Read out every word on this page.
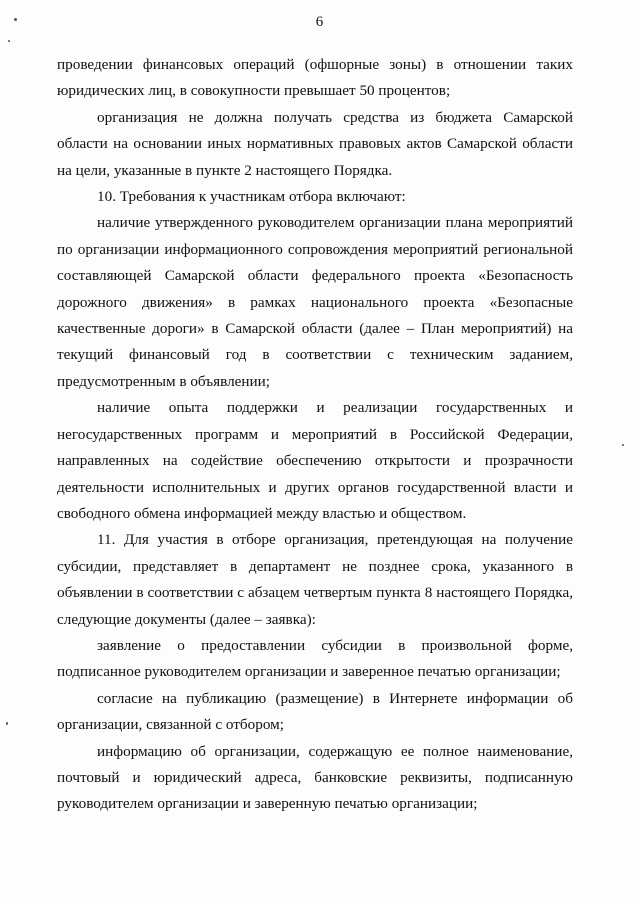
6

проведении финансовых операций (офшорные зоны) в отношении таких юридических лиц, в совокупности превышает 50 процентов;

организация не должна получать средства из бюджета Самарской области на основании иных нормативных правовых актов Самарской области на цели, указанные в пункте 2 настоящего Порядка.

10. Требования к участникам отбора включают:

наличие утвержденного руководителем организации плана мероприятий по организации информационного сопровождения мероприятий региональной составляющей Самарской области федерального проекта «Безопасность дорожного движения» в рамках национального проекта «Безопасные качественные дороги» в Самарской области (далее – План мероприятий) на текущий финансовый год в соответствии с техническим заданием, предусмотренным в объявлении;

наличие опыта поддержки и реализации государственных и негосударственных программ и мероприятий в Российской Федерации, направленных на содействие обеспечению открытости и прозрачности деятельности исполнительных и других органов государственной власти и свободного обмена информацией между властью и обществом.

11. Для участия в отборе организация, претендующая на получение субсидии, представляет в департамент не позднее срока, указанного в объявлении в соответствии с абзацем четвертым пункта 8 настоящего Порядка, следующие документы (далее – заявка):

заявление о предоставлении субсидии в произвольной форме, подписанное руководителем организации и заверенное печатью организации;

согласие на публикацию (размещение) в Интернете информации об организации, связанной с отбором;

информацию об организации, содержащую ее полное наименование, почтовый и юридический адреса, банковские реквизиты, подписанную руководителем организации и заверенную печатью организации;
